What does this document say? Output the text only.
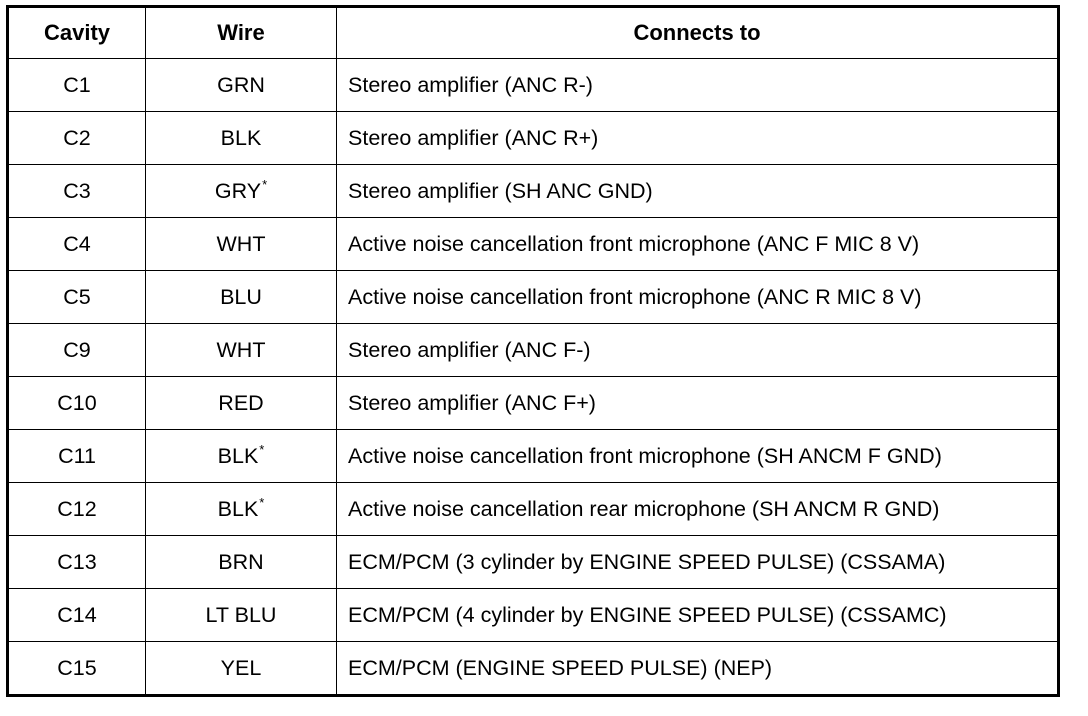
Cavity	Wire	Connects to
C1	GRN	Stereo amplifier (ANC R-)
C2	BLK	Stereo amplifier (ANC R+)
C3	GRY*	Stereo amplifier (SH ANC GND)
C4	WHT	Active noise cancellation front microphone (ANC F MIC 8 V)
C5	BLU	Active noise cancellation front microphone (ANC R MIC 8 V)
C9	WHT	Stereo amplifier (ANC F-)
C10	RED	Stereo amplifier (ANC F+)
C11	BLK*	Active noise cancellation front microphone (SH ANCM F GND)
C12	BLK*	Active noise cancellation rear microphone (SH ANCM R GND)
C13	BRN	ECM/PCM (3 cylinder by ENGINE SPEED PULSE) (CSSAMA)
C14	LT BLU	ECM/PCM (4 cylinder by ENGINE SPEED PULSE) (CSSAMC)
C15	YEL	ECM/PCM (ENGINE SPEED PULSE) (NEP)
